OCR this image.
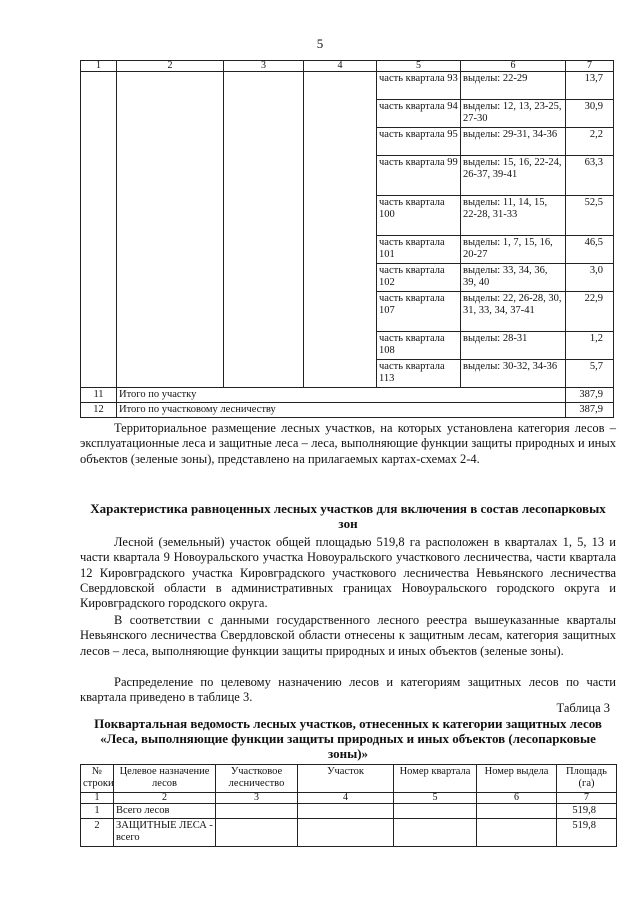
5
1	2	3	4	5	6	7
				часть квартала 93	выделы: 22-29	13,7
				часть квартала 94	выделы: 12, 13, 23-25, 27-30	30,9
				часть квартала 95	выделы: 29-31, 34-36	2,2
				часть квартала 99	выделы: 15, 16, 22-24, 26-37, 39-41	63,3
				часть квартала 100	выделы: 11, 14, 15, 22-28, 31-33	52,5
				часть квартала 101	выделы: 1, 7, 15, 16, 20-27	46,5
				часть квартала 102	выделы: 33, 34, 36, 39, 40	3,0
				часть квартала 107	выделы: 22, 26-28, 30, 31, 33, 34, 37-41	22,9
				часть квартала 108	выделы: 28-31	1,2
				часть квартала 113	выделы: 30-32, 34-36	5,7
11	Итого по участку					387,9
12	Итого по участковому лесничеству					387,9

Территориальное размещение лесных участков, на которых установлена категория лесов – эксплуатационные леса и защитные леса – леса, выполняющие функции защиты природных и иных объектов (зеленые зоны), представлено на прилагаемых картах-схемах 2-4.

Характеристика равноценных лесных участков для включения в состав лесопарковых зон

Лесной (земельный) участок общей площадью 519,8 га расположен в кварталах 1, 5, 13 и части квартала 9 Новоуральского участка Новоуральского участкового лесничества, части квартала 12 Кировградского участка Кировградского участкового лесничества Невьянского лесничества Свердловской области в административных границах Новоуральского городского округа и Кировградского городского округа.

В соответствии с данными государственного лесного реестра вышеуказанные кварталы Невьянского лесничества Свердловской области отнесены к защитным лесам, категория защитных лесов – леса, выполняющие функции защиты природных и иных объектов (зеленые зоны).

Распределение по целевому назначению лесов и категориям защитных лесов по части квартала приведено в таблице 3.

Таблица 3

Поквартальная ведомость лесных участков, отнесенных к категории защитных лесов «Леса, выполняющие функции защиты природных и иных объектов (лесопарковые зоны)»

№ строки	Целевое назначение лесов	Участковое лесничество	Участок	Номер квартала	Номер выдела	Площадь (га)
1	2	3	4	5	6	7
1	Всего лесов					519,8
2	ЗАЩИТНЫЕ ЛЕСА - всего					519,8
